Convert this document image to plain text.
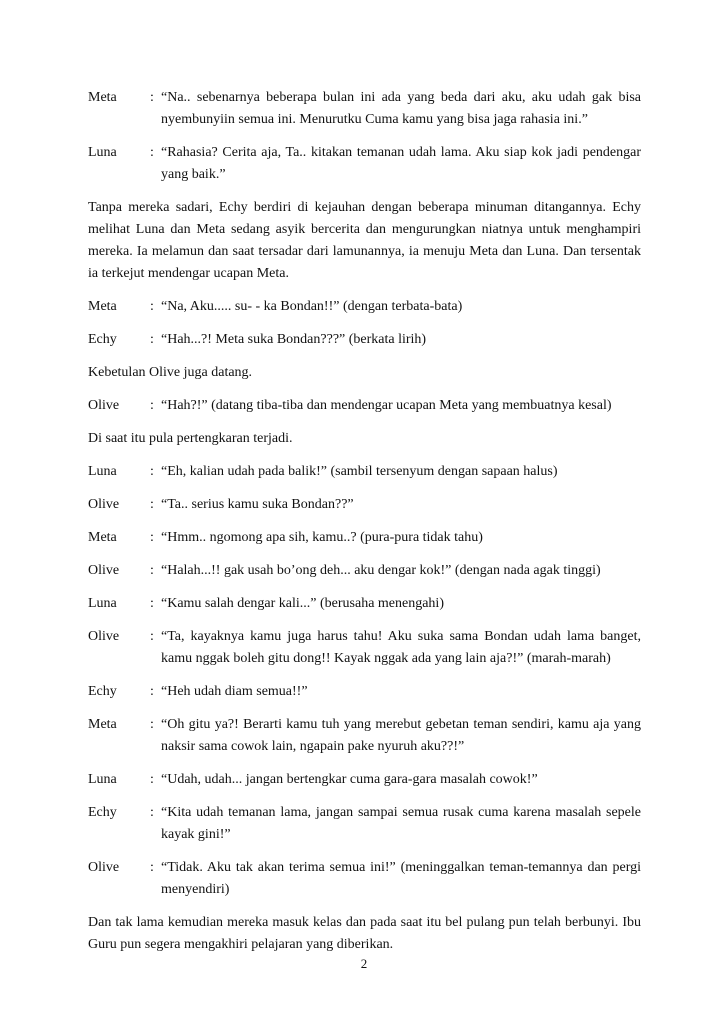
Meta : “Na.. sebenarnya beberapa bulan ini ada yang beda dari aku, aku udah gak bisa nyembunyiin semua ini. Menurutku Cuma kamu yang bisa jaga rahasia ini.”
Luna : “Rahasia? Cerita aja, Ta.. kitakan temanan udah lama. Aku siap kok jadi pendengar yang baik.”
Tanpa mereka sadari, Echy berdiri di kejauhan dengan beberapa minuman ditangannya. Echy melihat Luna dan Meta sedang asyik bercerita dan mengurungkan niatnya untuk menghampiri mereka. Ia melamun dan saat tersadar dari lamunannya, ia menuju Meta dan Luna. Dan tersentak ia terkejut mendengar ucapan Meta.
Meta : “Na, Aku..... su- - ka Bondan!!” (dengan terbata-bata)
Echy : “Hah...?! Meta suka Bondan???” (berkata lirih)
Kebetulan Olive juga datang.
Olive : “Hah?!” (datang tiba-tiba dan mendengar ucapan Meta yang membuatnya kesal)
Di saat itu pula pertengkaran terjadi.
Luna : “Eh, kalian udah pada balik!” (sambil tersenyum dengan sapaan halus)
Olive : “Ta.. serius kamu suka Bondan??”
Meta : “Hmm.. ngomong apa sih, kamu..? (pura-pura tidak tahu)
Olive : “Halah...!! gak usah bo’ong deh... aku dengar kok!” (dengan nada agak tinggi)
Luna : “Kamu salah dengar kali...” (berusaha menengahi)
Olive : “Ta, kayaknya kamu juga harus tahu! Aku suka sama Bondan udah lama banget, kamu nggak boleh gitu dong!! Kayak nggak ada yang lain aja?!” (marah-marah)
Echy : “Heh udah diam semua!!”
Meta : “Oh gitu ya?! Berarti kamu tuh yang merebut gebetan teman sendiri, kamu aja yang naksir sama cowok lain, ngapain pake nyuruh aku??!”
Luna : “Udah, udah... jangan bertengkar cuma gara-gara masalah cowok!”
Echy : “Kita udah temanan lama, jangan sampai semua rusak cuma karena masalah sepele kayak gini!”
Olive : “Tidak. Aku tak akan terima semua ini!” (meninggalkan teman-temannya dan pergi menyendiri)
Dan tak lama kemudian mereka masuk kelas dan pada saat itu bel pulang pun telah berbunyi. Ibu Guru pun segera mengakhiri pelajaran yang diberikan.
2
